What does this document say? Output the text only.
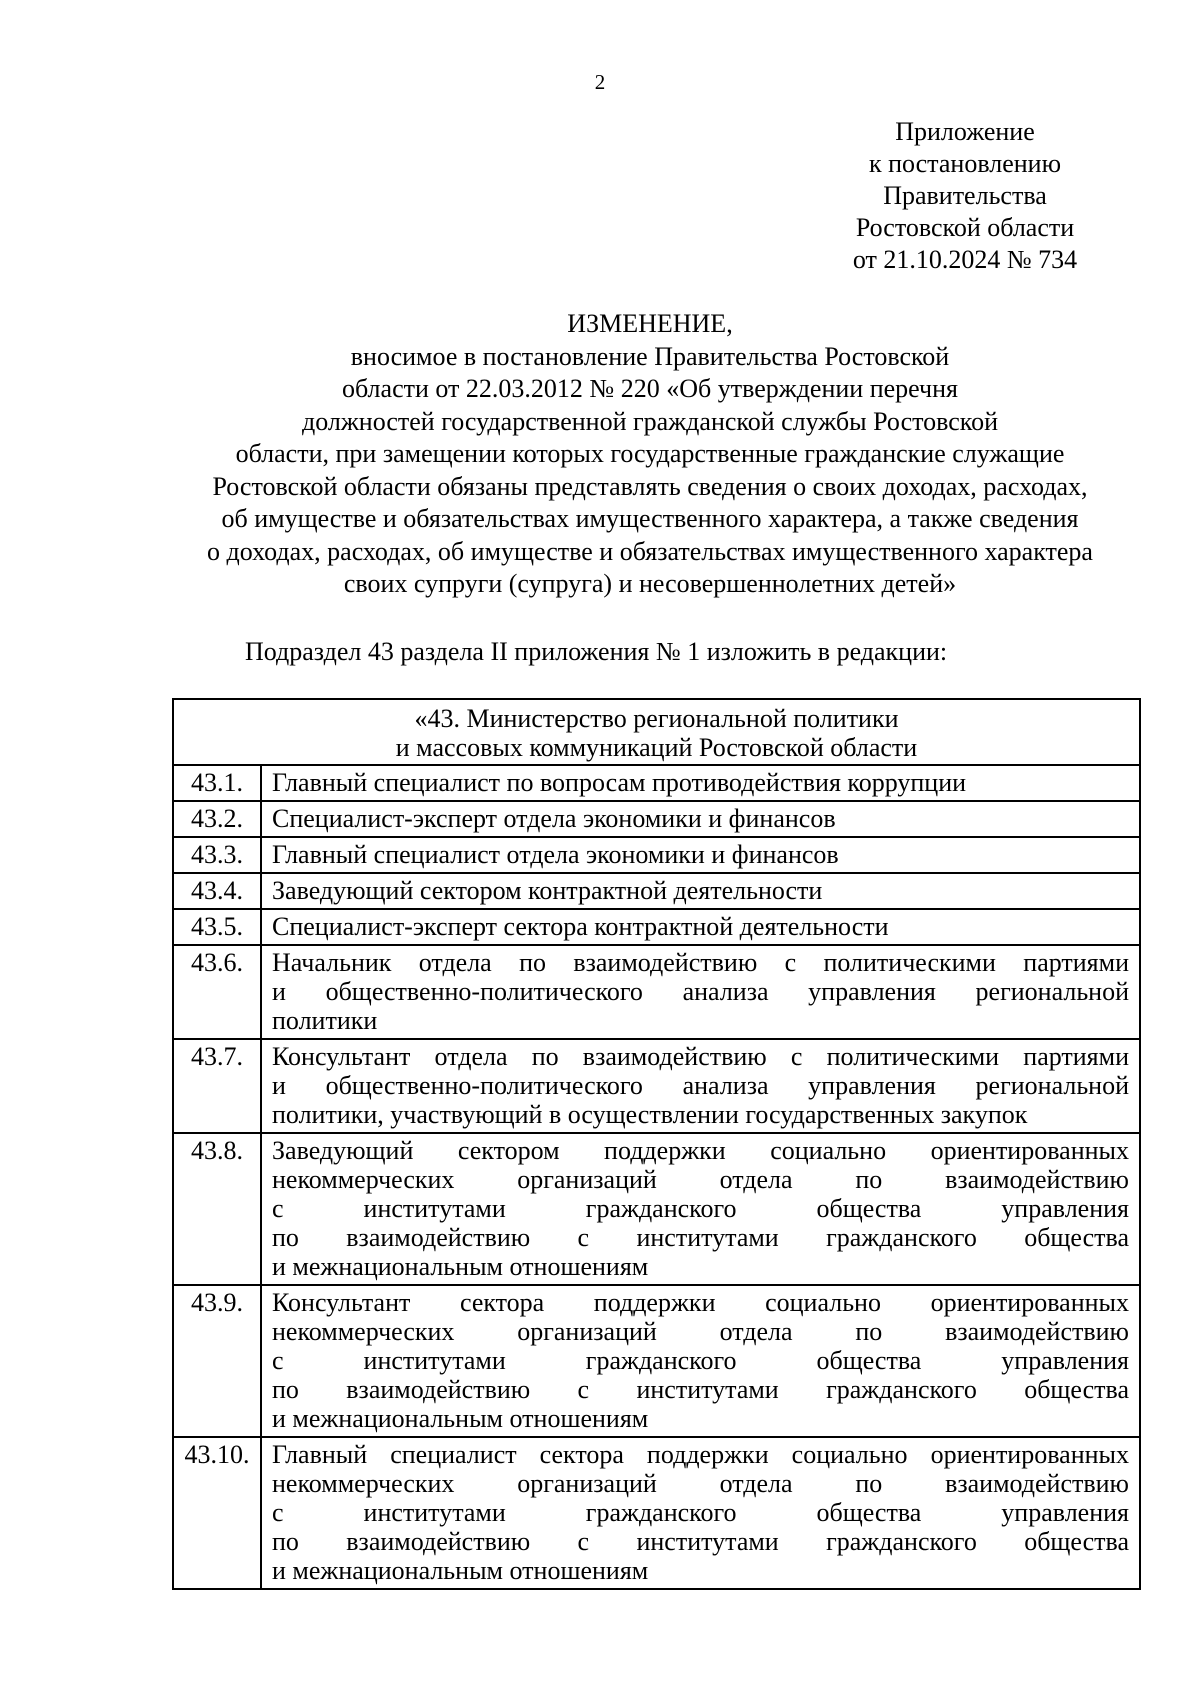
2
Приложение
к постановлению
Правительства
Ростовской области
от 21.10.2024 № 734
ИЗМЕНЕНИЕ,
вносимое в постановление Правительства Ростовской
области от 22.03.2012 № 220 «Об утверждении перечня
должностей государственной гражданской службы Ростовской
области, при замещении которых государственные гражданские служащие
Ростовской области обязаны представлять сведения о своих доходах, расходах,
об имуществе и обязательствах имущественного характера, а также сведения
о доходах, расходах, об имуществе и обязательствах имущественного характера
своих супруги (супруга) и несовершеннолетних детей»
Подраздел 43 раздела II приложения № 1 изложить в редакции:
«43. Министерство региональной политики
и массовых коммуникаций Ростовской области	

43.1.	Главный специалист по вопросам противодействия коррупции

43.2.	Специалист-эксперт отдела экономики и финансов

43.3.	Главный специалист отдела экономики и финансов

43.4.	Заведующий сектором контрактной деятельности

43.5.	Специалист-эксперт сектора контрактной деятельности

43.6.	Начальник отдела по взаимодействию с политическими партиями
и общественно-политического анализа управления региональной
политики

43.7.	Консультант отдела по взаимодействию с политическими партиями
и общественно-политического анализа управления региональной
политики, участвующий в осуществлении государственных закупок

43.8.	Заведующий сектором поддержки социально ориентированных
некоммерческих организаций отдела по взаимодействию
с институтами гражданского общества управления
по взаимодействию с институтами гражданского общества
и межнациональным отношениям

43.9.	Консультант сектора поддержки социально ориентированных
некоммерческих организаций отдела по взаимодействию
с институтами гражданского общества управления
по взаимодействию с институтами гражданского общества
и межнациональным отношениям

43.10.	Главный специалист сектора поддержки социально ориентированных
некоммерческих организаций отдела по взаимодействию
с институтами гражданского общества управления
по взаимодействию с институтами гражданского общества
и межнациональным отношениям
